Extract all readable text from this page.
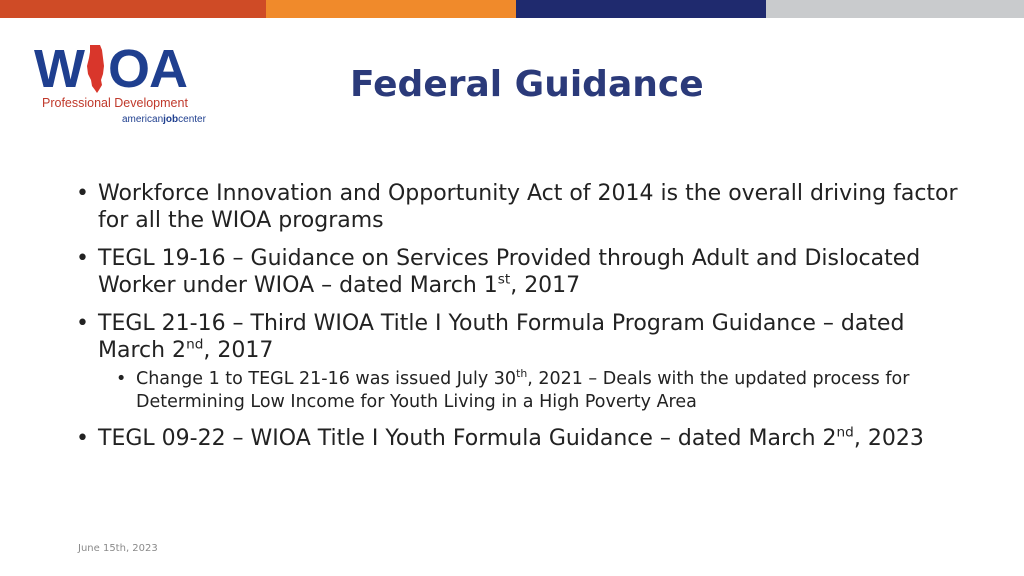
W OA
Professional Development
americanjobcenter
Federal Guidance
• Workforce Innovation and Opportunity Act of 2014 is the overall driving factor for all the WIOA programs
• TEGL 19-16 – Guidance on Services Provided through Adult and Dislocated Worker under WIOA – dated March 1st, 2017
• TEGL 21-16 – Third WIOA Title I Youth Formula Program Guidance – dated March 2nd, 2017
• Change 1 to TEGL 21-16 was issued July 30th, 2021 – Deals with the updated process for Determining Low Income for Youth Living in a High Poverty Area
• TEGL 09-22 – WIOA Title I Youth Formula Guidance – dated March 2nd, 2023
June 15th, 2023
